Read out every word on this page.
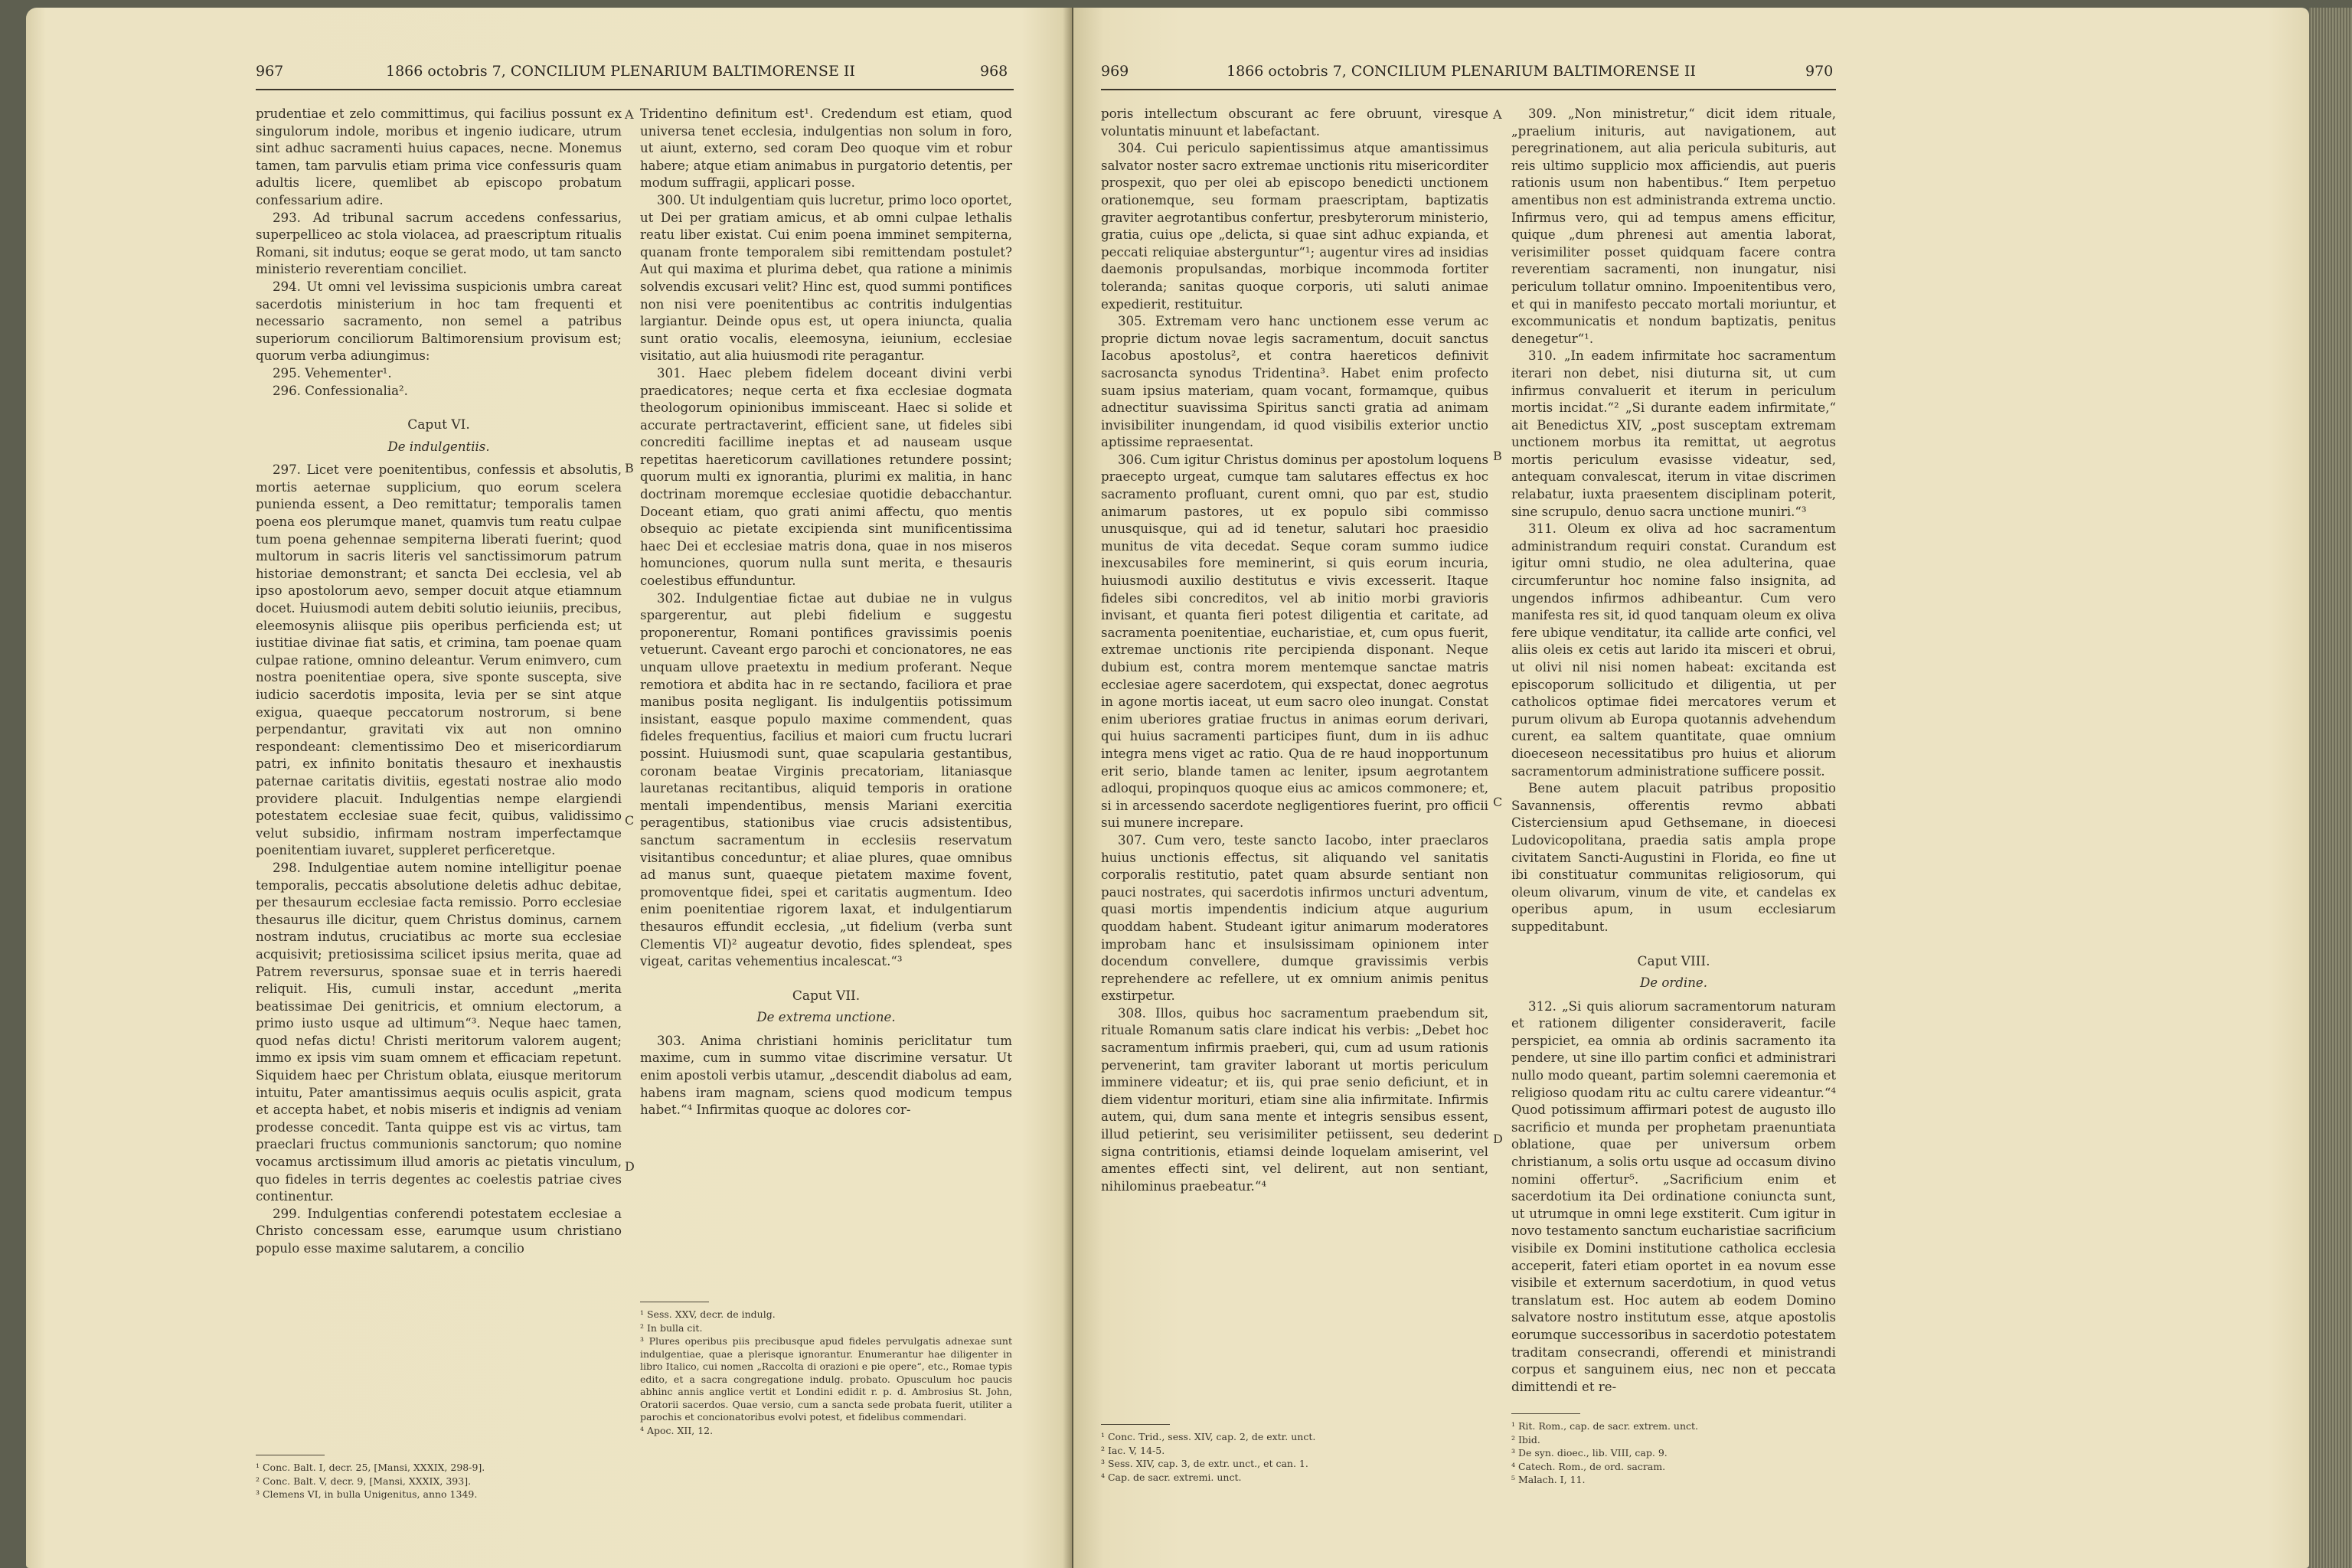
967	1866 octobris 7, CONCILIUM PLENARIUM BALTIMORENSE II	968

prudentiae et zelo committimus, qui facilius possunt ex singulorum indole, moribus et ingenio iudicare, utrum sint adhuc sacramenti huius capaces, necne. Monemus tamen, tam parvulis etiam prima vice confessuris quam adultis licere, quemlibet ab episcopo probatum confessarium adire.

293. Ad tribunal sacrum accedens confessarius, superpelliceo ac stola violacea, ad praescriptum ritualis Romani, sit indutus; eoque se gerat modo, ut tam sancto ministerio reverentiam conciliet.

294. Ut omni vel levissima suspicionis umbra careat sacerdotis ministerium in hoc tam frequenti et necessario sacramento, non semel a patribus superiorum conciliorum Baltimorensium provisum est; quorum verba adiungimus:

295. Vehementer¹.

296. Confessionalia².

Caput VI.

De indulgentiis.

297. Licet vere poenitentibus, confessis et absolutis, mortis aeternae supplicium, quo eorum scelera punienda essent, a Deo remittatur; temporalis tamen poena eos plerumque manet, quamvis tum reatu culpae tum poena gehennae sempiterna liberati fuerint; quod multorum in sacris literis vel sanctissimorum patrum historiae demonstrant; et sancta Dei ecclesia, vel ab ipso apostolorum aevo, semper docuit atque etiamnum docet. Huiusmodi autem debiti solutio ieiuniis, precibus, eleemosynis aliisque piis operibus perficienda est; ut iustitiae divinae fiat satis, et crimina, tam poenae quam culpae ratione, omnino deleantur. Verum enimvero, cum nostra poenitentiae opera, sive sponte suscepta, sive iudicio sacerdotis imposita, levia per se sint atque exigua, quaeque peccatorum nostrorum, si bene perpendantur, gravitati vix aut non omnino respondeant: clementissimo Deo et misericordiarum patri, ex infinito bonitatis thesauro et inexhaustis paternae caritatis divitiis, egestati nostrae alio modo providere placuit. Indulgentias nempe elargiendi potestatem ecclesiae suae fecit, quibus, validissimo velut subsidio, infirmam nostram imperfectamque poenitentiam iuvaret, suppleret perficeretque.

298. Indulgentiae autem nomine intelligitur poenae temporalis, peccatis absolutione deletis adhuc debitae, per thesaurum ecclesiae facta remissio. Porro ecclesiae thesaurus ille dicitur, quem Christus dominus, carnem nostram indutus, cruciatibus ac morte sua ecclesiae acquisivit; pretiosissima scilicet ipsius merita, quae ad Patrem reversurus, sponsae suae et in terris haeredi reliquit. His, cumuli instar, accedunt „merita beatissimae Dei genitricis, et omnium electorum, a primo iusto usque ad ultimum“³. Neque haec tamen, quod nefas dictu! Christi meritorum valorem augent; immo ex ipsis vim suam omnem et efficaciam repetunt. Siquidem haec per Christum oblata, eiusque meritorum intuitu, Pater amantissimus aequis oculis aspicit, grata et accepta habet, et nobis miseris et indignis ad veniam prodesse concedit. Tanta quippe est vis ac virtus, tam praeclari fructus communionis sanctorum; quo nomine vocamus arctissimum illud amoris ac pietatis vinculum, quo fideles in terris degentes ac coelestis patriae cives continentur.

299. Indulgentias conferendi potestatem ecclesiae a Christo concessam esse, earumque usum christiano populo esse maxime salutarem, a concilio

Tridentino definitum est¹. Credendum est etiam, quod universa tenet ecclesia, indulgentias non solum in foro, ut aiunt, externo, sed coram Deo quoque vim et robur habere; atque etiam animabus in purgatorio detentis, per modum suffragii, applicari posse.

300. Ut indulgentiam quis lucretur, primo loco oportet, ut Dei per gratiam amicus, et ab omni culpae lethalis reatu liber existat. Cui enim poena imminet sempiterna, quanam fronte temporalem sibi remittendam postulet? Aut qui maxima et plurima debet, qua ratione a minimis solvendis excusari velit? Hinc est, quod summi pontifices non nisi vere poenitentibus ac contritis indulgentias largiantur. Deinde opus est, ut opera iniuncta, qualia sunt oratio vocalis, eleemosyna, ieiunium, ecclesiae visitatio, aut alia huiusmodi rite peragantur.

301. Haec plebem fidelem doceant divini verbi praedicatores; neque certa et fixa ecclesiae dogmata theologorum opinionibus immisceant. Haec si solide et accurate pertractaverint, efficient sane, ut fideles sibi concrediti facillime ineptas et ad nauseam usque repetitas haereticorum cavillationes retundere possint; quorum multi ex ignorantia, plurimi ex malitia, in hanc doctrinam moremque ecclesiae quotidie debacchantur. Doceant etiam, quo grati animi affectu, quo mentis obsequio ac pietate excipienda sint munificentissima haec Dei et ecclesiae matris dona, quae in nos miseros homunciones, quorum nulla sunt merita, e thesauris coelestibus effunduntur.

302. Indulgentiae fictae aut dubiae ne in vulgus spargerentur, aut plebi fidelium e suggestu proponerentur, Romani pontifices gravissimis poenis vetuerunt. Caveant ergo parochi et concionatores, ne eas unquam ullove praetextu in medium proferant. Neque remotiora et abdita hac in re sectando, faciliora et prae manibus posita negligant. Iis indulgentiis potissimum insistant, easque populo maxime commendent, quas fideles frequentius, facilius et maiori cum fructu lucrari possint. Huiusmodi sunt, quae scapularia gestantibus, coronam beatae Virginis precatoriam, litaniasque lauretanas recitantibus, aliquid temporis in oratione mentali impendentibus, mensis Mariani exercitia peragentibus, stationibus viae crucis adsistentibus, sanctum sacramentum in ecclesiis reservatum visitantibus conceduntur; et aliae plures, quae omnibus ad manus sunt, quaeque pietatem maxime fovent, promoventque fidei, spei et caritatis augmentum. Ideo enim poenitentiae rigorem laxat, et indulgentiarum thesauros effundit ecclesia, „ut fidelium (verba sunt Clementis VI)² augeatur devotio, fides splendeat, spes vigeat, caritas vehementius incalescat.“³

Caput VII.

De extrema unctione.

303. Anima christiani hominis periclitatur tum maxime, cum in summo vitae discrimine versatur. Ut enim apostoli verbis utamur, „descendit diabolus ad eam, habens iram magnam, sciens quod modicum tempus habet.“⁴ Infirmitas quoque ac dolores cor-

¹ Conc. Balt. I, decr. 25, [Mansi, XXXIX, 298-9].

² Conc. Balt. V, decr. 9, [Mansi, XXXIX, 393].

³ Clemens VI, in bulla Unigenitus, anno 1349.

¹ Sess. XXV, decr. de indulg.

² In bulla cit.

³ Plures operibus piis precibusque apud fideles pervulgatis adnexae sunt indulgentiae, quae a plerisque ignorantur. Enumerantur hae diligenter in libro Italico, cui nomen „Raccolta di orazioni e pie opere“, etc., Romae typis edito, et a sacra congregatione indulg. probato. Opusculum hoc paucis abhinc annis anglice vertit et Londini edidit r. p. d. Ambrosius St. John, Oratorii sacerdos. Quae versio, cum a sancta sede probata fuerit, utiliter a parochis et concionatoribus evolvi potest, et fidelibus commendari.

⁴ Apoc. XII, 12.

A
B
C
D
969	1866 octobris 7, CONCILIUM PLENARIUM BALTIMORENSE II	970

poris intellectum obscurant ac fere obruunt, viresque voluntatis minuunt et labefactant.

304. Cui periculo sapientissimus atque amantissimus salvator noster sacro extremae unctionis ritu misericorditer prospexit, quo per olei ab episcopo benedicti unctionem orationemque, seu formam praescriptam, baptizatis graviter aegrotantibus confertur, presbyterorum ministerio, gratia, cuius ope „delicta, si quae sint adhuc expianda, et peccati reliquiae absterguntur“¹; augentur vires ad insidias daemonis propulsandas, morbique incommoda fortiter toleranda; sanitas quoque corporis, uti saluti animae expedierit, restituitur.

305. Extremam vero hanc unctionem esse verum ac proprie dictum novae legis sacramentum, docuit sanctus Iacobus apostolus², et contra haereticos definivit sacrosancta synodus Tridentina³. Habet enim profecto suam ipsius materiam, quam vocant, formamque, quibus adnectitur suavissima Spiritus sancti gratia ad animam invisibiliter inungendam, id quod visibilis exterior unctio aptissime repraesentat.

306. Cum igitur Christus dominus per apostolum loquens praecepto urgeat, cumque tam salutares effectus ex hoc sacramento profluant, curent omni, quo par est, studio animarum pastores, ut ex populo sibi commisso unusquisque, qui ad id tenetur, salutari hoc praesidio munitus de vita decedat. Seque coram summo iudice inexcusabiles fore meminerint, si quis eorum incuria, huiusmodi auxilio destitutus e vivis excesserit. Itaque fideles sibi concreditos, vel ab initio morbi gravioris invisant, et quanta fieri potest diligentia et caritate, ad sacramenta poenitentiae, eucharistiae, et, cum opus fuerit, extremae unctionis rite percipienda disponant. Neque dubium est, contra morem mentemque sanctae matris ecclesiae agere sacerdotem, qui exspectat, donec aegrotus in agone mortis iaceat, ut eum sacro oleo inungat. Constat enim uberiores gratiae fructus in animas eorum derivari, qui huius sacramenti participes fiunt, dum in iis adhuc integra mens viget ac ratio. Qua de re haud inopportunum erit serio, blande tamen ac leniter, ipsum aegrotantem adloqui, propinquos quoque eius ac amicos commonere; et, si in arcessendo sacerdote negligentiores fuerint, pro officii sui munere increpare.

307. Cum vero, teste sancto Iacobo, inter praeclaros huius unctionis effectus, sit aliquando vel sanitatis corporalis restitutio, patet quam absurde sentiant non pauci nostrates, qui sacerdotis infirmos uncturi adventum, quasi mortis impendentis indicium atque augurium quoddam habent. Studeant igitur animarum moderatores improbam hanc et insulsissimam opinionem inter docendum convellere, dumque gravissimis verbis reprehendere ac refellere, ut ex omnium animis penitus exstirpetur.

308. Illos, quibus hoc sacramentum praebendum sit, rituale Romanum satis clare indicat his verbis: „Debet hoc sacramentum infirmis praeberi, qui, cum ad usum rationis pervenerint, tam graviter laborant ut mortis periculum imminere videatur; et iis, qui prae senio deficiunt, et in diem videntur morituri, etiam sine alia infirmitate. Infirmis autem, qui, dum sana mente et integris sensibus essent, illud petierint, seu verisimiliter petiissent, seu dederint signa contritionis, etiamsi deinde loquelam amiserint, vel amentes effecti sint, vel delirent, aut non sentiant, nihilominus praebeatur.“⁴

309. „Non ministretur,“ dicit idem rituale, „praelium inituris, aut navigationem, aut peregrinationem, aut alia pericula subituris, aut reis ultimo supplicio mox afficiendis, aut pueris rationis usum non habentibus.“ Item perpetuo amentibus non est administranda extrema unctio. Infirmus vero, qui ad tempus amens efficitur, quique „dum phrenesi aut amentia laborat, verisimiliter posset quidquam facere contra reverentiam sacramenti, non inungatur, nisi periculum tollatur omnino. Impoenitentibus vero, et qui in manifesto peccato mortali moriuntur, et excommunicatis et nondum baptizatis, penitus denegetur“¹.

310. „In eadem infirmitate hoc sacramentum iterari non debet, nisi diuturna sit, ut cum infirmus convaluerit et iterum in periculum mortis incidat.“² „Si durante eadem infirmitate,“ ait Benedictus XIV, „post susceptam extremam unctionem morbus ita remittat, ut aegrotus mortis periculum evasisse videatur, sed, antequam convalescat, iterum in vitae discrimen relabatur, iuxta praesentem disciplinam poterit, sine scrupulo, denuo sacra unctione muniri.“³

311. Oleum ex oliva ad hoc sacramentum administrandum requiri constat. Curandum est igitur omni studio, ne olea adulterina, quae circumferuntur hoc nomine falso insignita, ad ungendos infirmos adhibeantur. Cum vero manifesta res sit, id quod tanquam oleum ex oliva fere ubique venditatur, ita callide arte confici, vel aliis oleis ex cetis aut larido ita misceri et obrui, ut olivi nil nisi nomen habeat: excitanda est episcoporum sollicitudo et diligentia, ut per catholicos optimae fidei mercatores verum et purum olivum ab Europa quotannis advehendum curent, ea saltem quantitate, quae omnium dioeceseon necessitatibus pro huius et aliorum sacramentorum administratione sufficere possit.

Bene autem placuit patribus propositio Savannensis, offerentis revmo abbati Cisterciensium apud Gethsemane, in dioecesi Ludovicopolitana, praedia satis ampla prope civitatem Sancti-Augustini in Florida, eo fine ut ibi constituatur communitas religiosorum, qui oleum olivarum, vinum de vite, et candelas ex operibus apum, in usum ecclesiarum suppeditabunt.

Caput VIII.

De ordine.

312. „Si quis aliorum sacramentorum naturam et rationem diligenter consideraverit, facile perspiciet, ea omnia ab ordinis sacramento ita pendere, ut sine illo partim confici et administrari nullo modo queant, partim solemni caeremonia et religioso quodam ritu ac cultu carere videantur.“⁴ Quod potissimum affirmari potest de augusto illo sacrificio et munda per prophetam praenuntiata oblatione, quae per universum orbem christianum, a solis ortu usque ad occasum divino nomini offertur⁵. „Sacrificium enim et sacerdotium ita Dei ordinatione coniuncta sunt, ut utrumque in omni lege exstiterit. Cum igitur in novo testamento sanctum eucharistiae sacrificium visibile ex Domini institutione catholica ecclesia acceperit, fateri etiam oportet in ea novum esse visibile et externum sacerdotium, in quod vetus translatum est. Hoc autem ab eodem Domino salvatore nostro institutum esse, atque apostolis eorumque successoribus in sacerdotio potestatem traditam consecrandi, offerendi et ministrandi corpus et sanguinem eius, nec non et peccata dimittendi et re-

¹ Conc. Trid., sess. XIV, cap. 2, de extr. unct.

² Iac. V, 14-5.

³ Sess. XIV, cap. 3, de extr. unct., et can. 1.

⁴ Cap. de sacr. extremi. unct.

¹ Rit. Rom., cap. de sacr. extrem. unct.

² Ibid.

³ De syn. dioec., lib. VIII, cap. 9.

⁴ Catech. Rom., de ord. sacram.

⁵ Malach. I, 11.

A
B
C
D
